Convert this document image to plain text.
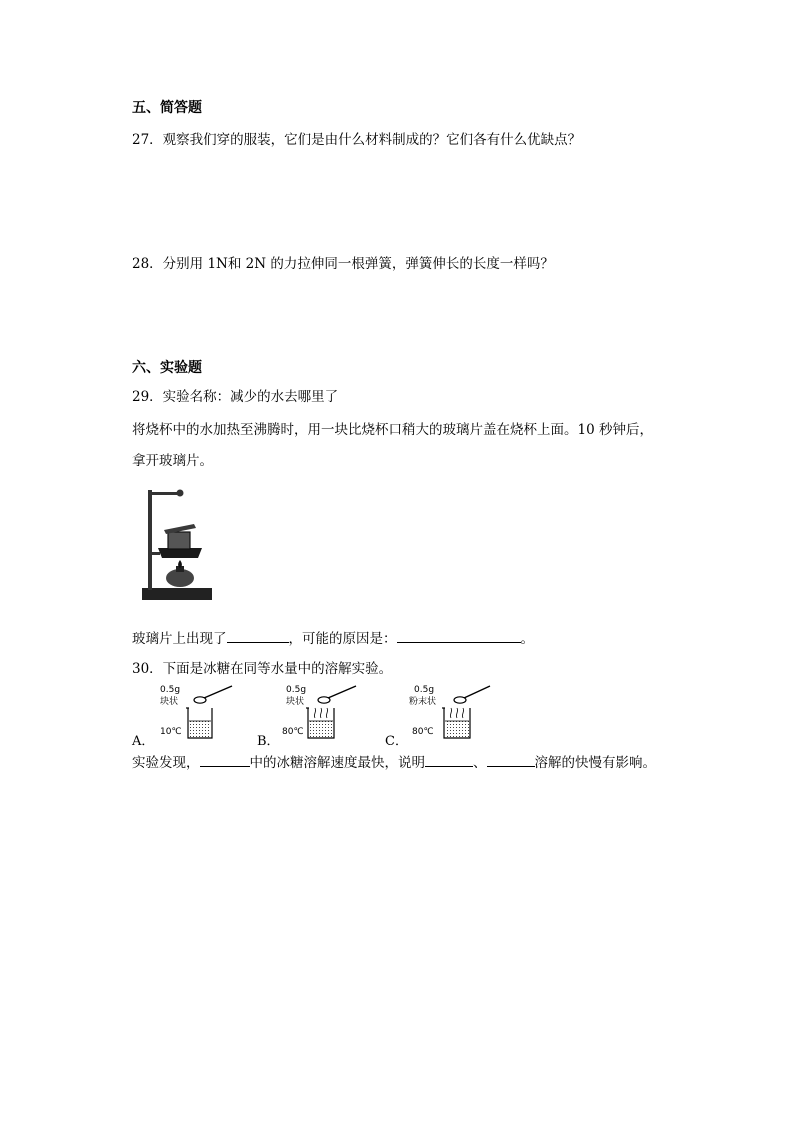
五、简答题
27．观察我们穿的服装，它们是由什么材料制成的？它们各有什么优缺点？
28．分别用 1N和 2N 的力拉伸同一根弹簧，弹簧伸长的长度一样吗？
六、实验题
29．实验名称：减少的水去哪里了
将烧杯中的水加热至沸腾时，用一块比烧杯口稍大的玻璃片盖在烧杯上面。10 秒钟后，
拿开玻璃片。
玻璃片上出现了	，可能的原因是：	。
30．下面是冰糖在同等水量中的溶解实验。
A．
0.5g
块状
10℃
B．
0.5g
块状
80℃
C．
0.5g
粉末状
80℃
实验发现，	中的冰糖溶解速度最快，说明	、	溶解的快慢有影响。
